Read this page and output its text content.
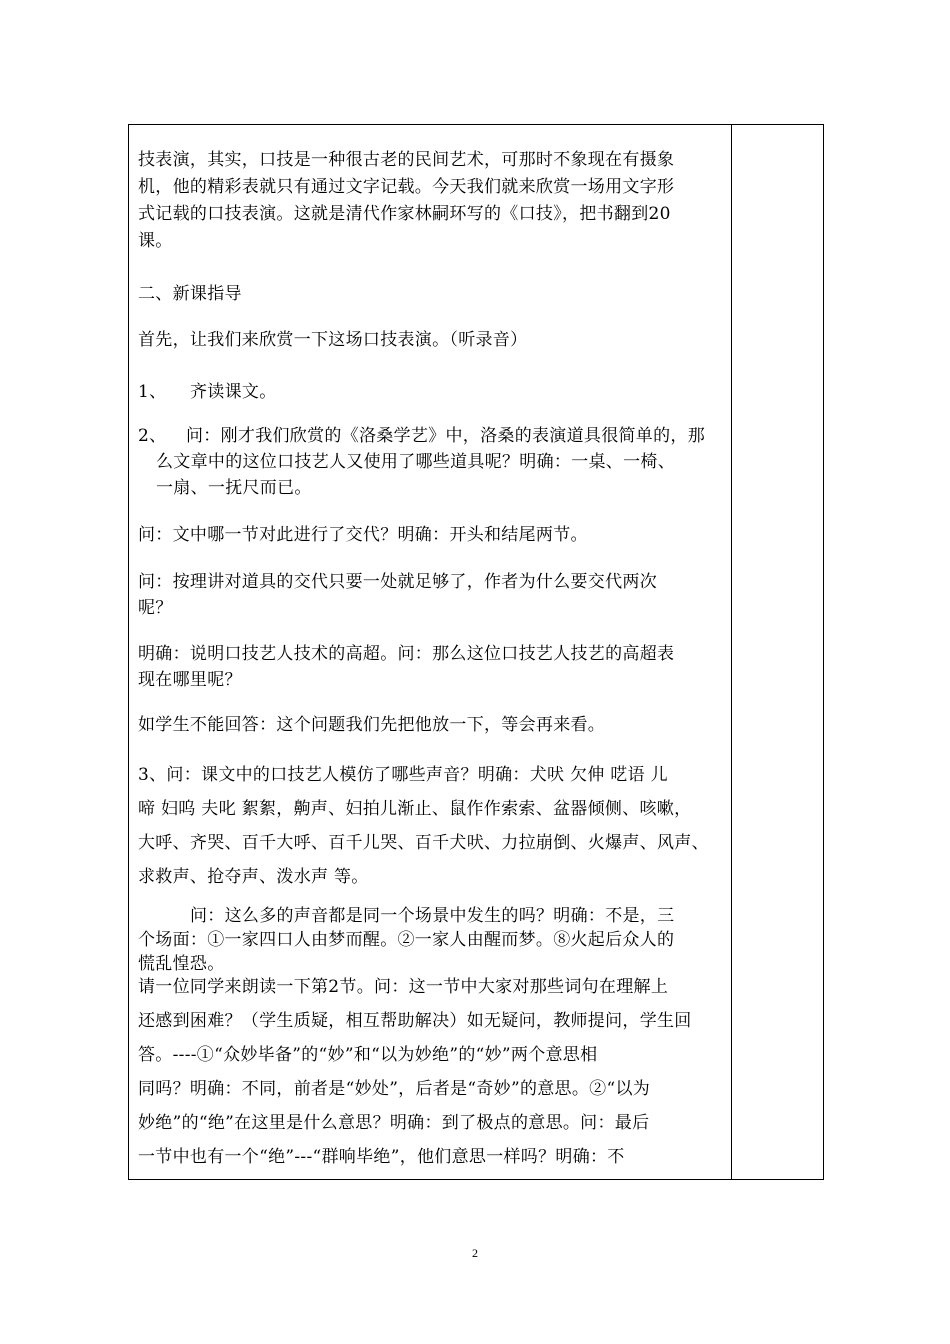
技表演，其实，口技是一种很古老的民间艺术，可那时不象现在有摄象
机，他的精彩表就只有通过文字记载。今天我们就来欣赏一场用文字形
式记载的口技表演。这就是清代作家林嗣环写的《口技》，把书翻到20
课。
二、新课指导
首先，让我们来欣赏一下这场口技表演。（听录音）
1、 齐读课文。
2、 问：刚才我们欣赏的《洛桑学艺》中，洛桑的表演道具很简单的，那
么文章中的这位口技艺人又使用了哪些道具呢？明确：一桌、一椅、
一扇、一抚尺而已。
问：文中哪一节对此进行了交代？明确：开头和结尾两节。
问：按理讲对道具的交代只要一处就足够了，作者为什么要交代两次
呢？
明确：说明口技艺人技术的高超。问：那么这位口技艺人技艺的高超表
现在哪里呢？
如学生不能回答：这个问题我们先把他放一下，等会再来看。
3、问：课文中的口技艺人模仿了哪些声音？明确：犬吠 欠伸 呓语 儿
啼 妇呜 夫叱 絮絮，齁声、妇拍儿渐止、鼠作作索索、盆器倾侧、咳嗽，
大呼、齐哭、百千大呼、百千儿哭、百千犬吠、力拉崩倒、火爆声、风声、
求救声、抢夺声、泼水声 等。
问：这么多的声音都是同一个场景中发生的吗？明确：不是，三
个场面：①一家四口人由梦而醒。②一家人由醒而梦。⑧火起后众人的
慌乱惶恐。
请一位同学来朗读一下第2节。问：这一节中大家对那些词句在理解上
还感到困难？（学生质疑，相互帮助解决）如无疑问，教师提问，学生回
答。----①“众妙毕备”的“妙”和“以为妙绝”的“妙”两个意思相
同吗？明确：不同，前者是“妙处”，后者是“奇妙”的意思。②“以为
妙绝”的“绝”在这里是什么意思？明确：到了极点的意思。问：最后
一节中也有一个“绝”---“群响毕绝”，他们意思一样吗？明确：不
2
